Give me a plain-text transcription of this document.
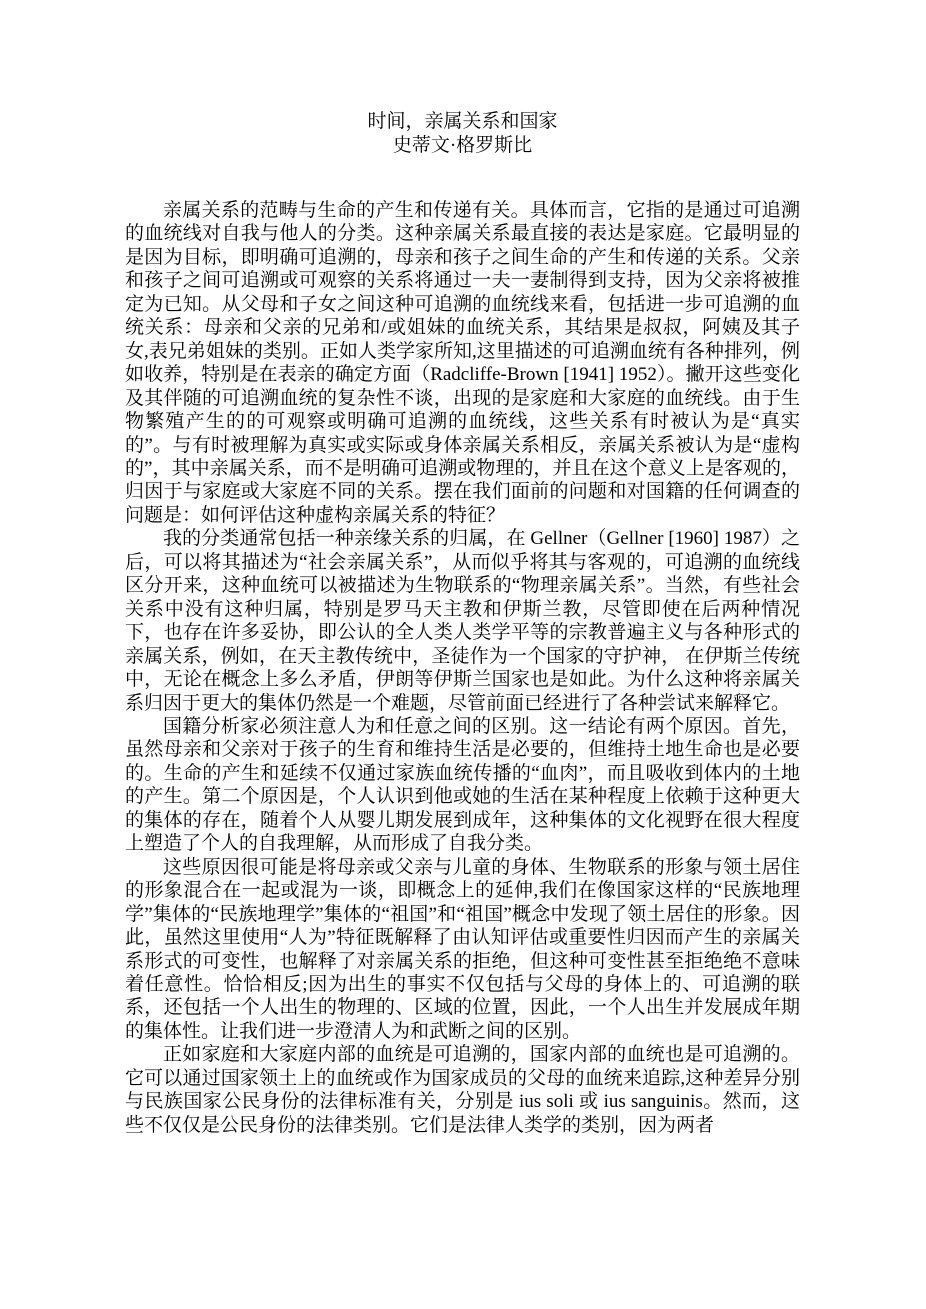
时间，亲属关系和国家
史蒂文·格罗斯比

亲属关系的范畴与生命的产生和传递有关。具体而言，它指的是通过可追溯的血统线对自我与他人的分类。这种亲属关系最直接的表达是家庭。它最明显的是因为目标，即明确可追溯的，母亲和孩子之间生命的产生和传递的关系。父亲和孩子之间可追溯或可观察的关系将通过一夫一妻制得到支持，因为父亲将被推定为已知。从父母和子女之间这种可追溯的血统线来看，包括进一步可追溯的血统关系：母亲和父亲的兄弟和/或姐妹的血统关系，其结果是叔叔，阿姨及其子女,表兄弟姐妹的类别。正如人类学家所知,这里描述的可追溯血统有各种排列，例如收养，特别是在表亲的确定方面（Radcliffe-Brown [1941] 1952）。撇开这些变化及其伴随的可追溯血统的复杂性不谈，出现的是家庭和大家庭的血统线。由于生物繁殖产生的的可观察或明确可追溯的血统线，这些关系有时被认为是“真实的”。与有时被理解为真实或实际或身体亲属关系相反，亲属关系被认为是“虚构的”，其中亲属关系，而不是明确可追溯或物理的，并且在这个意义上是客观的，归因于与家庭或大家庭不同的关系。摆在我们面前的问题和对国籍的任何调查的问题是：如何评估这种虚构亲属关系的特征？

我的分类通常包括一种亲缘关系的归属，在 Gellner（Gellner [1960] 1987）之后，可以将其描述为“社会亲属关系”，从而似乎将其与客观的，可追溯的血统线区分开来，这种血统可以被描述为生物联系的“物理亲属关系”。当然，有些社会关系中没有这种归属，特别是罗马天主教和伊斯兰教，尽管即使在后两种情况下，也存在许多妥协，即公认的全人类人类学平等的宗教普遍主义与各种形式的亲属关系，例如，在天主教传统中，圣徒作为一个国家的守护神， 在伊斯兰传统中，无论在概念上多么矛盾，伊朗等伊斯兰国家也是如此。为什么这种将亲属关系归因于更大的集体仍然是一个难题，尽管前面已经进行了各种尝试来解释它。

国籍分析家必须注意人为和任意之间的区别。这一结论有两个原因。首先，虽然母亲和父亲对于孩子的生育和维持生活是必要的，但维持土地生命也是必要的。生命的产生和延续不仅通过家族血统传播的“血肉”，而且吸收到体内的土地的产生。第二个原因是，个人认识到他或她的生活在某种程度上依赖于这种更大的集体的存在，随着个人从婴儿期发展到成年，这种集体的文化视野在很大程度上塑造了个人的自我理解，从而形成了自我分类。

这些原因很可能是将母亲或父亲与儿童的身体、生物联系的形象与领土居住的形象混合在一起或混为一谈，即概念上的延伸,我们在像国家这样的“民族地理学”集体的“民族地理学”集体的“祖国”和“祖国”概念中发现了领土居住的形象。因此，虽然这里使用“人为”特征既解释了由认知评估或重要性归因而产生的亲属关系形式的可变性，也解释了对亲属关系的拒绝，但这种可变性甚至拒绝绝不意味着任意性。恰恰相反;因为出生的事实不仅包括与父母的身体上的、可追溯的联系，还包括一个人出生的物理的、区域的位置，因此，一个人出生并发展成年期的集体性。让我们进一步澄清人为和武断之间的区别。

正如家庭和大家庭内部的血统是可追溯的，国家内部的血统也是可追溯的。它可以通过国家领土上的血统或作为国家成员的父母的血统来追踪,这种差异分别与民族国家公民身份的法律标准有关，分别是 ius soli 或 ius sanguinis。然而，这些不仅仅是公民身份的法律类别。它们是法律人类学的类别，因为两者
